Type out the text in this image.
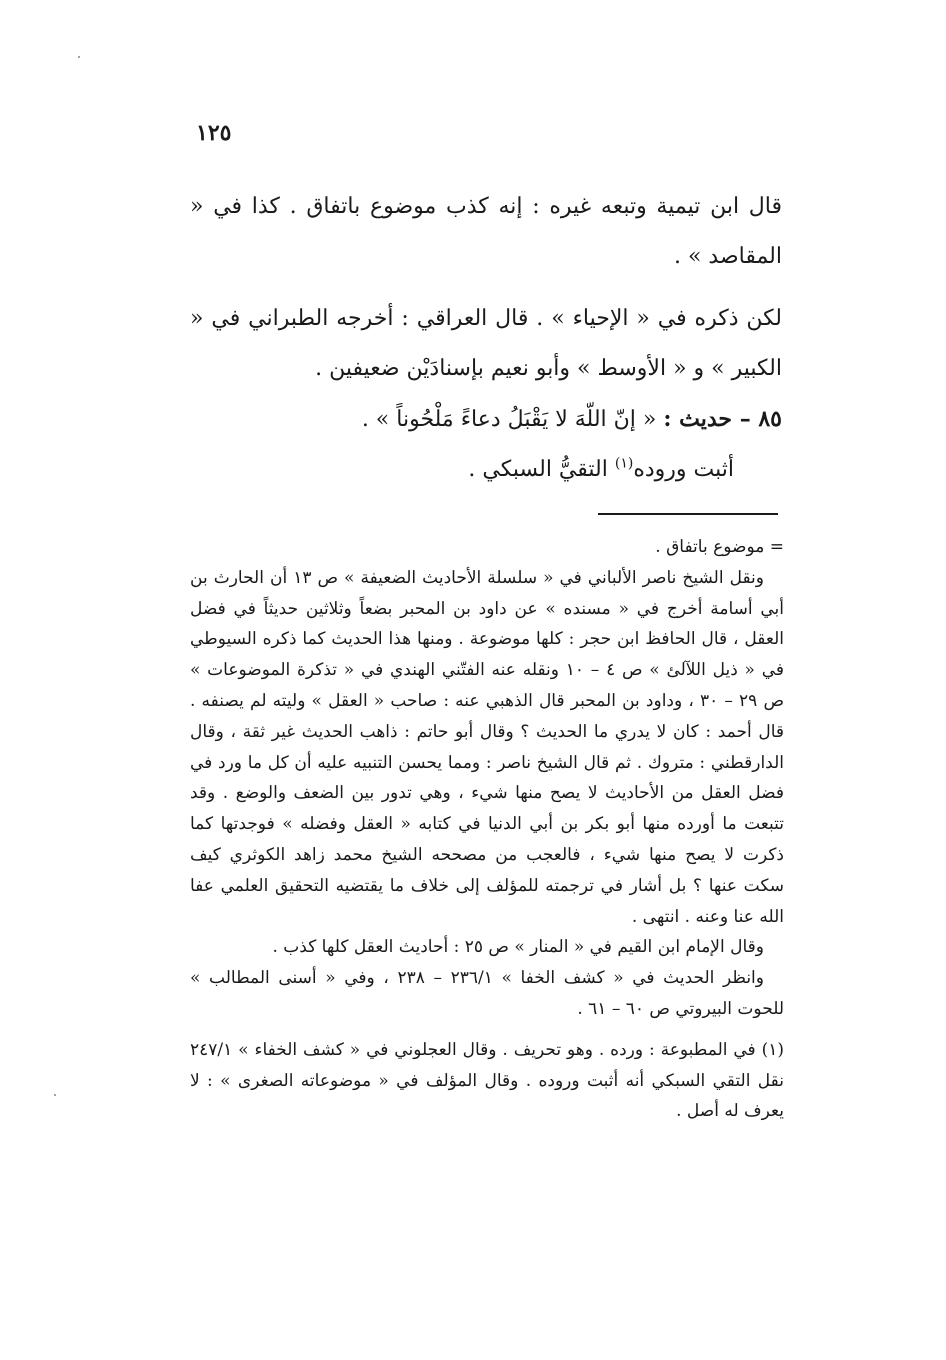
١٢٥

قال ابن تيمية وتبعه غيره : إنه كذب موضوع باتفاق . كذا في « المقاصد » .

لكن ذكره في « الإحياء » . قال العراقي : أخرجه الطبراني في « الكبير » و « الأوسط » وأبو نعيم بإسنادَيْن ضعيفين .

٨٥ – حديث : « إنّ اللّهَ لا يَقْبَلُ دعاءً مَلْحُوناً » .

أثبت وروده$^{(١)}$ التقيُّ السبكي .

= موضوع باتفاق .

ونقل الشيخ ناصر الألباني في « سلسلة الأحاديث الضعيفة » ص ١٣ أن الحارث بن أبي أسامة أخرج في « مسنده » عن داود بن المحبر بضعاً وثلاثين حديثاً في فضل العقل ، قال الحافظ ابن حجر : كلها موضوعة . ومنها هذا الحديث كما ذكره السيوطي في « ذيل اللآلئ » ص ٤ – ١٠ ونقله عنه الفتّني الهندي في « تذكرة الموضوعات » ص ٢٩ – ٣٠ ، وداود بن المحبر قال الذهبي عنه : صاحب « العقل » وليته لم يصنفه . قال أحمد : كان لا يدري ما الحديث ؟ وقال أبو حاتم : ذاهب الحديث غير ثقة ، وقال الدارقطني : متروك . ثم قال الشيخ ناصر : ومما يحسن التنبيه عليه أن كل ما ورد في فضل العقل من الأحاديث لا يصح منها شيء ، وهي تدور بين الضعف والوضع . وقد تتبعت ما أورده منها أبو بكر بن أبي الدنيا في كتابه « العقل وفضله » فوجدتها كما ذكرت لا يصح منها شيء ، فالعجب من مصححه الشيخ محمد زاهد الكوثري كيف سكت عنها ؟ بل أشار في ترجمته للمؤلف إلى خلاف ما يقتضيه التحقيق العلمي عفا الله عنا وعنه . انتهى .

وقال الإمام ابن القيم في « المنار » ص ٢٥ : أحاديث العقل كلها كذب .

وانظر الحديث في « كشف الخفا » ٢٣٦/١ – ٢٣٨ ، وفي « أسنى المطالب » للحوت البيروتي ص ٦٠ – ٦١ .

(١) في المطبوعة : ورده . وهو تحريف . وقال العجلوني في « كشف الخفاء » ٢٤٧/١ نقل التقي السبكي أنه أثبت وروده . وقال المؤلف في « موضوعاته الصغرى » : لا يعرف له أصل .
